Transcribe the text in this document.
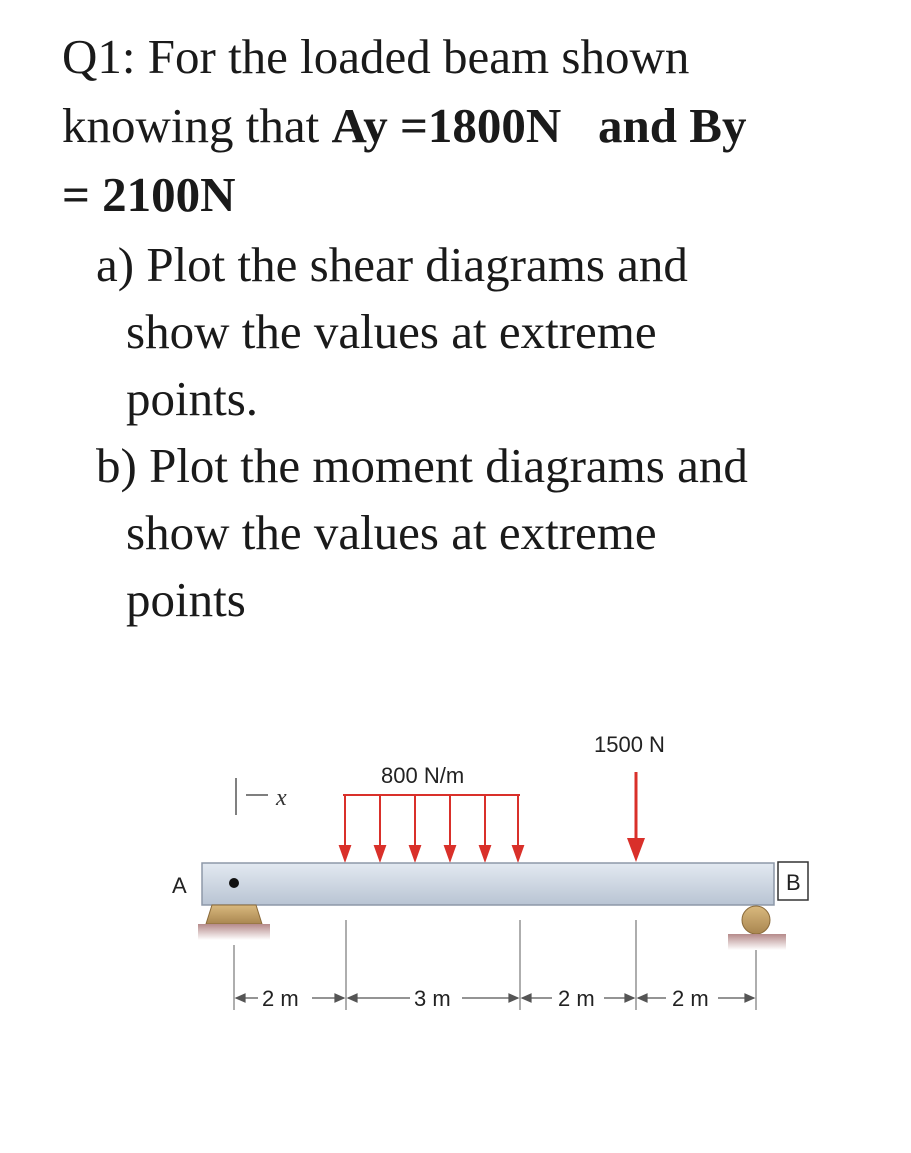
Q1: For the loaded beam shown
knowing that Ay =1800N and By
= 2100N
a) Plot the shear diagrams and
show the values at extreme
points.
b) Plot the moment diagrams and
show the values at extreme
points
x
800 N/m
1500 N
A	B
2 m	3 m	2 m	2 m
